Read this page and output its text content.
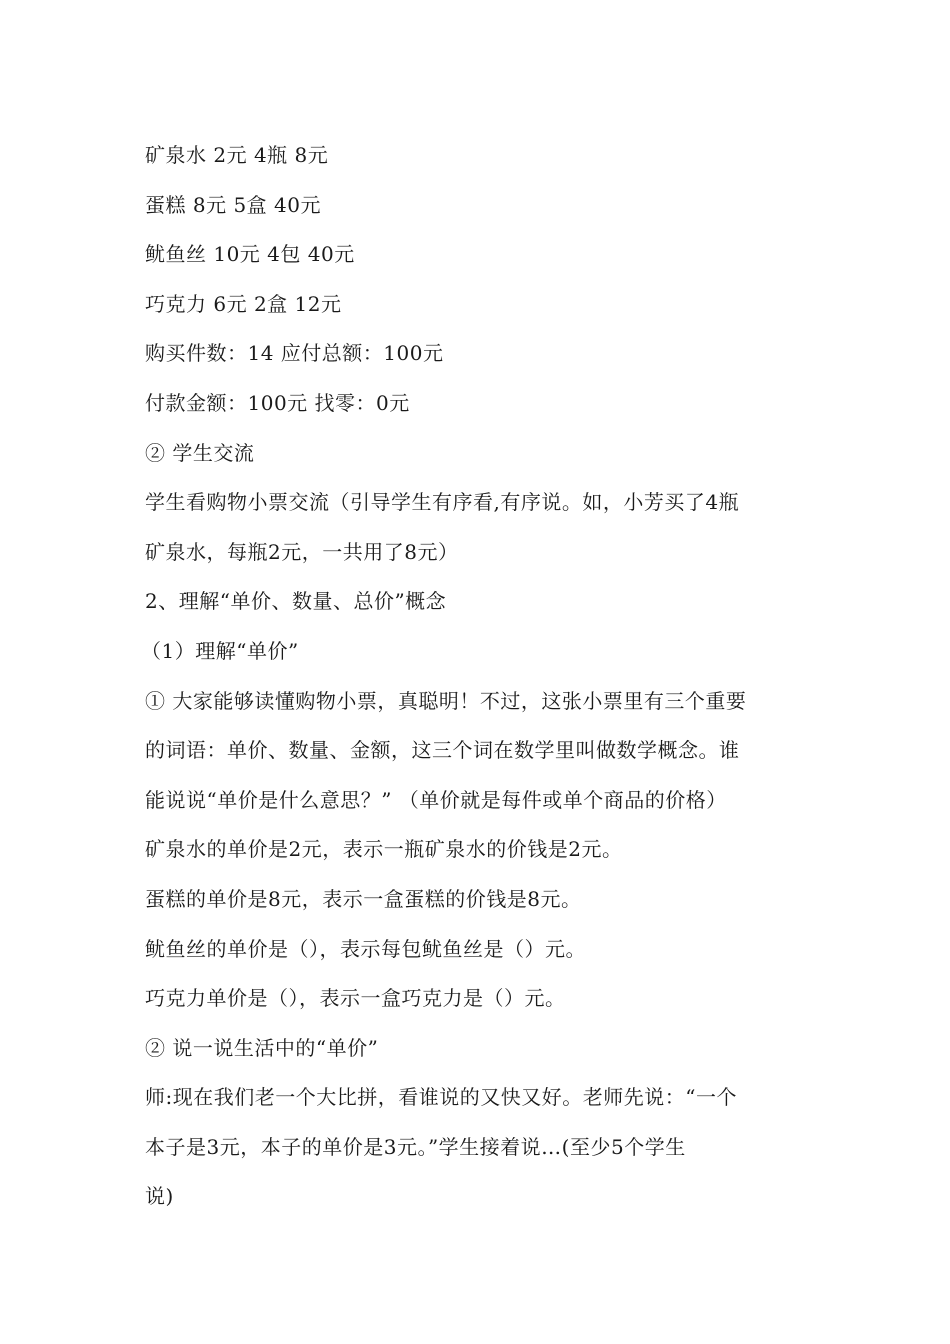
矿泉水 2元 4瓶 8元
蛋糕 8元 5盒 40元
鱿鱼丝 10元 4包 40元
巧克力 6元 2盒 12元
购买件数：14 应付总额：100元
付款金额：100元 找零：0元
② 学生交流
学生看购物小票交流（引导学生有序看,有序说。如，小芳买了4瓶
矿泉水，每瓶2元，一共用了8元）
2、理解“单价、数量、总价”概念
（1）理解“单价”
① 大家能够读懂购物小票，真聪明！不过，这张小票里有三个重要
的词语：单价、数量、金额，这三个词在数学里叫做数学概念。谁
能说说“单价是什么意思？” （单价就是每件或单个商品的价格）
矿泉水的单价是2元，表示一瓶矿泉水的价钱是2元。
蛋糕的单价是8元，表示一盒蛋糕的价钱是8元。
鱿鱼丝的单价是（），表示每包鱿鱼丝是（）元。
巧克力单价是（），表示一盒巧克力是（）元。
② 说一说生活中的“单价”
师:现在我们老一个大比拼，看谁说的又快又好。老师先说：“一个
本子是3元，本子的单价是3元。”学生接着说…(至少5个学生
说)
